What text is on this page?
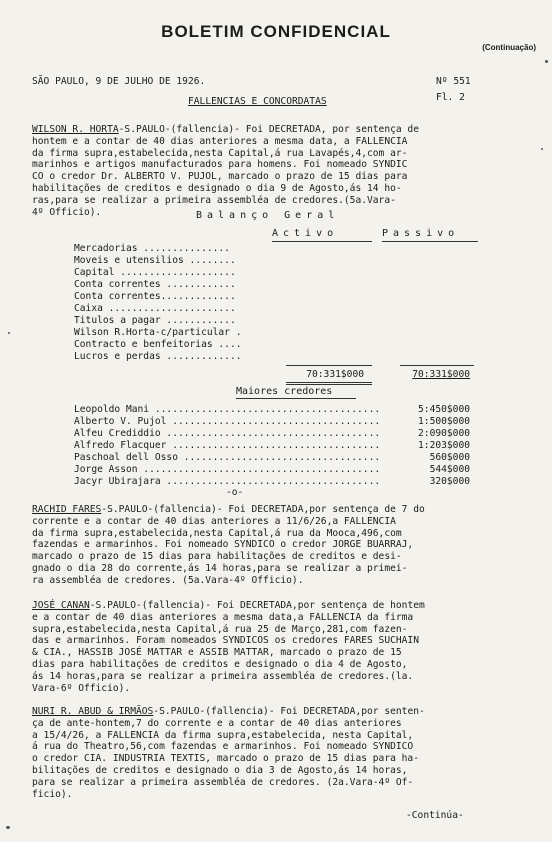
BOLETIM CONFIDENCIAL
(Continuação)
SÃO PAULO, 9 DE JULHO DE 1926.	Nº 551
Fl. 2
FALLENCIAS E CONCORDATAS
WILSON R. HORTA-S.PAULO-(fallencia)- Foi DECRETADA, por sentença de
hontem e a contar de 40 dias anteriores a mesma data, a FALLENCIA
da firma supra,estabelecida,nesta Capital,á rua Lavapés,4,com ar-
marinhos e artigos manufacturados para homens. Foi nomeado SYNDIC
CO o credor Dr. ALBERTO V. PUJOL, marcado o prazo de 15 dias para
habilitações de creditos e designado o dia 9 de Agosto,ás 14 ho-
ras,para se realizar a primeira assembléa de credores.(5a.Vara-
4º Officio).	Balanço Geral
Activo	Passivo
Mercadorias ...............
Moveis e utensilios ........
Capital ....................
Conta correntes ............
Conta correntes.............
Caixa ......................
Titulos a pagar ............
Wilson R.Horta-c/particular .
Contracto e benfeitorias ....
Lucros e perdas .............
70:331$000	70:331$000
Maiores credores
Leopoldo Mani .......................................	5:450$000
Alberto V. Pujol ....................................	1:500$000
Alfeu Crediddio .....................................	2:090$000
Alfredo Flacquer ....................................	1:203$000
Paschoal dell Osso ..................................	560$000
Jorge Asson .........................................	544$000
Jacyr Ubirajara .....................................	320$000
-o-
RACHID FARES-S.PAULO-(fallencia)- Foi DECRETADA,por sentença de 7 do
corrente e a contar de 40 dias anteriores a 11/6/26,a FALLENCIA
da firma supra,estabelecida,nesta Capital,á rua da Mooca,496,com
fazendas e armarinhos. Foi nomeado SYNDICO o credor JORGE BUARRAJ,
marcado o prazo de 15 dias para habilitações de creditos e desi-
gnado o dia 28 do corrente,ás 14 horas,para se realizar a primei-
ra assembléa de credores. (5a.Vara-4º Officio).
JOSÉ CANAN-S.PAULO-(fallencia)- Foi DECRETADA,por sentença de hontem
e a contar de 40 dias anteriores a mesma data,a FALLENCIA da firma
supra,estabelecida,nesta Capital,á rua 25 de Março,281,com fazen-
das e armarinhos. Foram nomeados SYNDICOS os credores FARES SUCHAIN
& CIA., HASSIB JOSÉ MATTAR e ASSIB MATTAR, marcado o prazo de 15
dias para habilitações de creditos e designado o dia 4 de Agosto,
ás 14 horas,para se realizar a primeira assembléa de credores.(la.
Vara-6º Officio).
NURI R. ABUD & IRMÃOS-S.PAULO-(fallencia)- Foi DECRETADA,por senten-
ça de ante-hontem,7 do corrente e a contar de 40 dias anteriores
a 15/4/26, a FALLENCIA da firma supra,estabelecida, nesta Capital,
á rua do Theatro,56,com fazendas e armarinhos. Foi nomeado SYNDICO
o credor CIA. INDUSTRIA TEXTIS, marcado o prazo de 15 dias para ha-
bilitações de creditos e designado o dia 3 de Agosto,ás 14 horas,
para se realizar a primeira assembléa de credores. (2a.Vara-4º Of-
ficio).
-Continúa-
